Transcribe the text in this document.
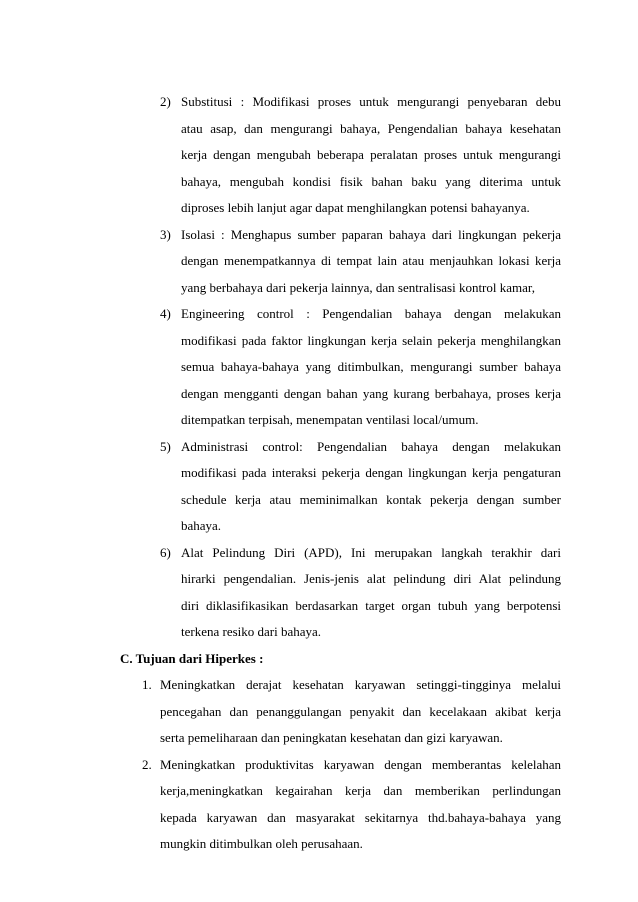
2) Substitusi : Modifikasi proses untuk mengurangi penyebaran debu
atau asap, dan mengurangi bahaya, Pengendalian bahaya kesehatan
kerja dengan mengubah beberapa peralatan proses untuk mengurangi
bahaya, mengubah kondisi fisik bahan baku yang diterima untuk
diproses lebih lanjut agar dapat menghilangkan potensi bahayanya.
3) Isolasi : Menghapus sumber paparan bahaya dari lingkungan pekerja
dengan menempatkannya di tempat lain atau menjauhkan lokasi kerja
yang berbahaya dari pekerja lainnya, dan sentralisasi kontrol kamar,
4) Engineering control : Pengendalian bahaya dengan melakukan
modifikasi pada faktor lingkungan kerja selain pekerja menghilangkan
semua bahaya-bahaya yang ditimbulkan, mengurangi sumber bahaya
dengan mengganti dengan bahan yang kurang berbahaya, proses kerja
ditempatkan terpisah, menempatan ventilasi local/umum.
5) Administrasi control: Pengendalian bahaya dengan melakukan
modifikasi pada interaksi pekerja dengan lingkungan kerja pengaturan
schedule kerja atau meminimalkan kontak pekerja dengan sumber
bahaya.
6) Alat Pelindung Diri (APD), Ini merupakan langkah terakhir dari
hirarki pengendalian. Jenis-jenis alat pelindung diri Alat pelindung
diri diklasifikasikan berdasarkan target organ tubuh yang berpotensi
terkena resiko dari bahaya.
C. Tujuan dari Hiperkes :
1. Meningkatkan derajat kesehatan karyawan setinggi-tingginya melalui
pencegahan dan penanggulangan penyakit dan kecelakaan akibat kerja
serta pemeliharaan dan peningkatan kesehatan dan gizi karyawan.
2. Meningkatkan produktivitas karyawan dengan memberantas kelelahan
kerja,meningkatkan kegairahan kerja dan memberikan perlindungan
kepada karyawan dan masyarakat sekitarnya thd.bahaya-bahaya yang
mungkin ditimbulkan oleh perusahaan.
